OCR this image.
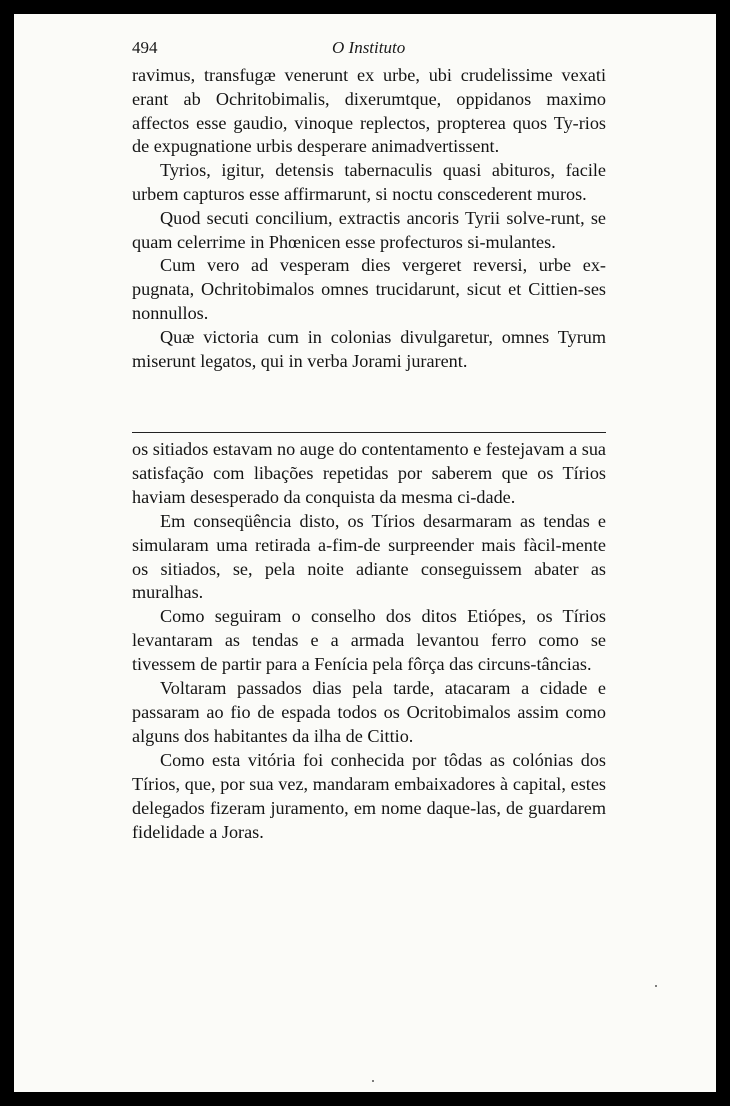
494	O Instituto

ravimus, transfugæ venerunt ex urbe, ubi crudelissime vexati erant ab Ochritobimalis, dixerumtque, oppidanos maximo affectos esse gaudio, vinoque replectos, propterea quos Ty-rios de expugnatione urbis desperare animadvertissent.

Tyrios, igitur, detensis tabernaculis quasi abituros, facile urbem capturos esse affirmarunt, si noctu conscederent muros.

Quod secuti concilium, extractis ancoris Tyrii solve-runt, se quam celerrime in Phœnicen esse profecturos si-mulantes.

Cum vero ad vesperam dies vergeret reversi, urbe ex-pugnata, Ochritobimalos omnes trucidarunt, sicut et Cittien-ses nonnullos.

Quæ victoria cum in colonias divulgaretur, omnes Tyrum miserunt legatos, qui in verba Jorami jurarent.

os sitiados estavam no auge do contentamento e festejavam a sua satisfação com libações repetidas por saberem que os Tírios haviam desesperado da conquista da mesma ci-dade.

Em conseqüência disto, os Tírios desarmaram as tendas e simularam uma retirada a-fim-de surpreender mais fàcil-mente os sitiados, se, pela noite adiante conseguissem abater as muralhas.

Como seguiram o conselho dos ditos Etiópes, os Tírios levantaram as tendas e a armada levantou ferro como se tivessem de partir para a Fenícia pela fôrça das circuns-tâncias.

Voltaram passados dias pela tarde, atacaram a cidade e passaram ao fio de espada todos os Ocritobimalos assim como alguns dos habitantes da ilha de Cittio.

Como esta vitória foi conhecida por tôdas as colónias dos Tírios, que, por sua vez, mandaram embaixadores à capital, estes delegados fizeram juramento, em nome daque-las, de guardarem fidelidade a Joras.
